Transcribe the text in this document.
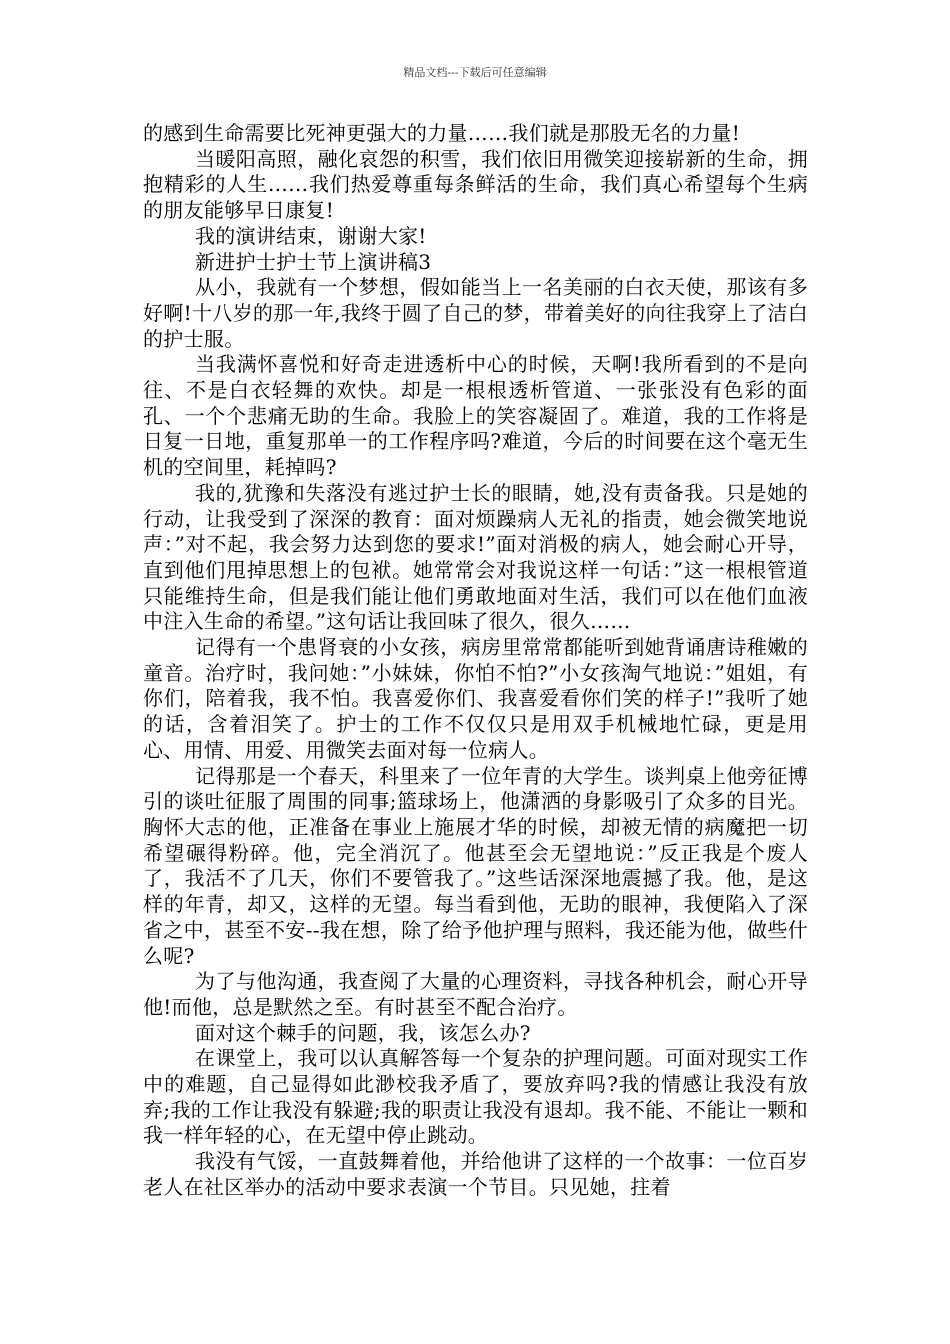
精品文档---下载后可任意编辑

的感到生命需要比死神更强大的力量……我们就是那股无名的力量!

当暖阳高照，融化哀怨的积雪，我们依旧用微笑迎接崭新的生命，拥抱精彩的人生……我们热爱尊重每条鲜活的生命，我们真心希望每个生病的朋友能够早日康复!

我的演讲结束，谢谢大家!

新进护士护士节上演讲稿3

从小，我就有一个梦想，假如能当上一名美丽的白衣天使，那该有多好啊!十八岁的那一年,我终于圆了自己的梦，带着美好的向往我穿上了洁白的护士服。

当我满怀喜悦和好奇走进透析中心的时候，天啊!我所看到的不是向往、不是白衣轻舞的欢快。却是一根根透析管道、一张张没有色彩的面孔、一个个悲痛无助的生命。我脸上的笑容凝固了。难道，我的工作将是日复一日地，重复那单一的工作程序吗?难道，今后的时间要在这个毫无生机的空间里，耗掉吗?

我的,犹豫和失落没有逃过护士长的眼睛，她,没有责备我。只是她的行动，让我受到了深深的教育：面对烦躁病人无礼的指责，她会微笑地说声：”对不起，我会努力达到您的要求!”面对消极的病人，她会耐心开导，直到他们甩掉思想上的包袱。她常常会对我说这样一句话：”这一根根管道只能维持生命，但是我们能让他们勇敢地面对生活，我们可以在他们血液中注入生命的希望。”这句话让我回味了很久，很久……

记得有一个患肾衰的小女孩，病房里常常都能听到她背诵唐诗稚嫩的童音。治疗时，我问她：”小妹妹，你怕不怕?”小女孩淘气地说：”姐姐，有你们，陪着我，我不怕。我喜爱你们、我喜爱看你们笑的样子!”我听了她的话，含着泪笑了。护士的工作不仅仅只是用双手机械地忙碌，更是用心、用情、用爱、用微笑去面对每一位病人。

记得那是一个春天，科里来了一位年青的大学生。谈判桌上他旁征博引的谈吐征服了周围的同事;篮球场上，他潇洒的身影吸引了众多的目光。胸怀大志的他，正准备在事业上施展才华的时候，却被无情的病魔把一切希望碾得粉碎。他，完全消沉了。他甚至会无望地说：”反正我是个废人了，我活不了几天，你们不要管我了。”这些话深深地震撼了我。他，是这样的年青，却又，这样的无望。每当看到他，无助的眼神，我便陷入了深省之中，甚至不安--我在想，除了给予他护理与照料，我还能为他，做些什么呢?

为了与他沟通，我查阅了大量的心理资料，寻找各种机会，耐心开导他!而他，总是默然之至。有时甚至不配合治疗。

面对这个棘手的问题，我，该怎么办?

在课堂上，我可以认真解答每一个复杂的护理问题。可面对现实工作中的难题，自己显得如此渺校我矛盾了，要放弃吗?我的情感让我没有放弃;我的工作让我没有躲避;我的职责让我没有退却。我不能、不能让一颗和我一样年轻的心，在无望中停止跳动。

我没有气馁，一直鼓舞着他，并给他讲了这样的一个故事：一位百岁老人在社区举办的活动中要求表演一个节目。只见她，拄着
